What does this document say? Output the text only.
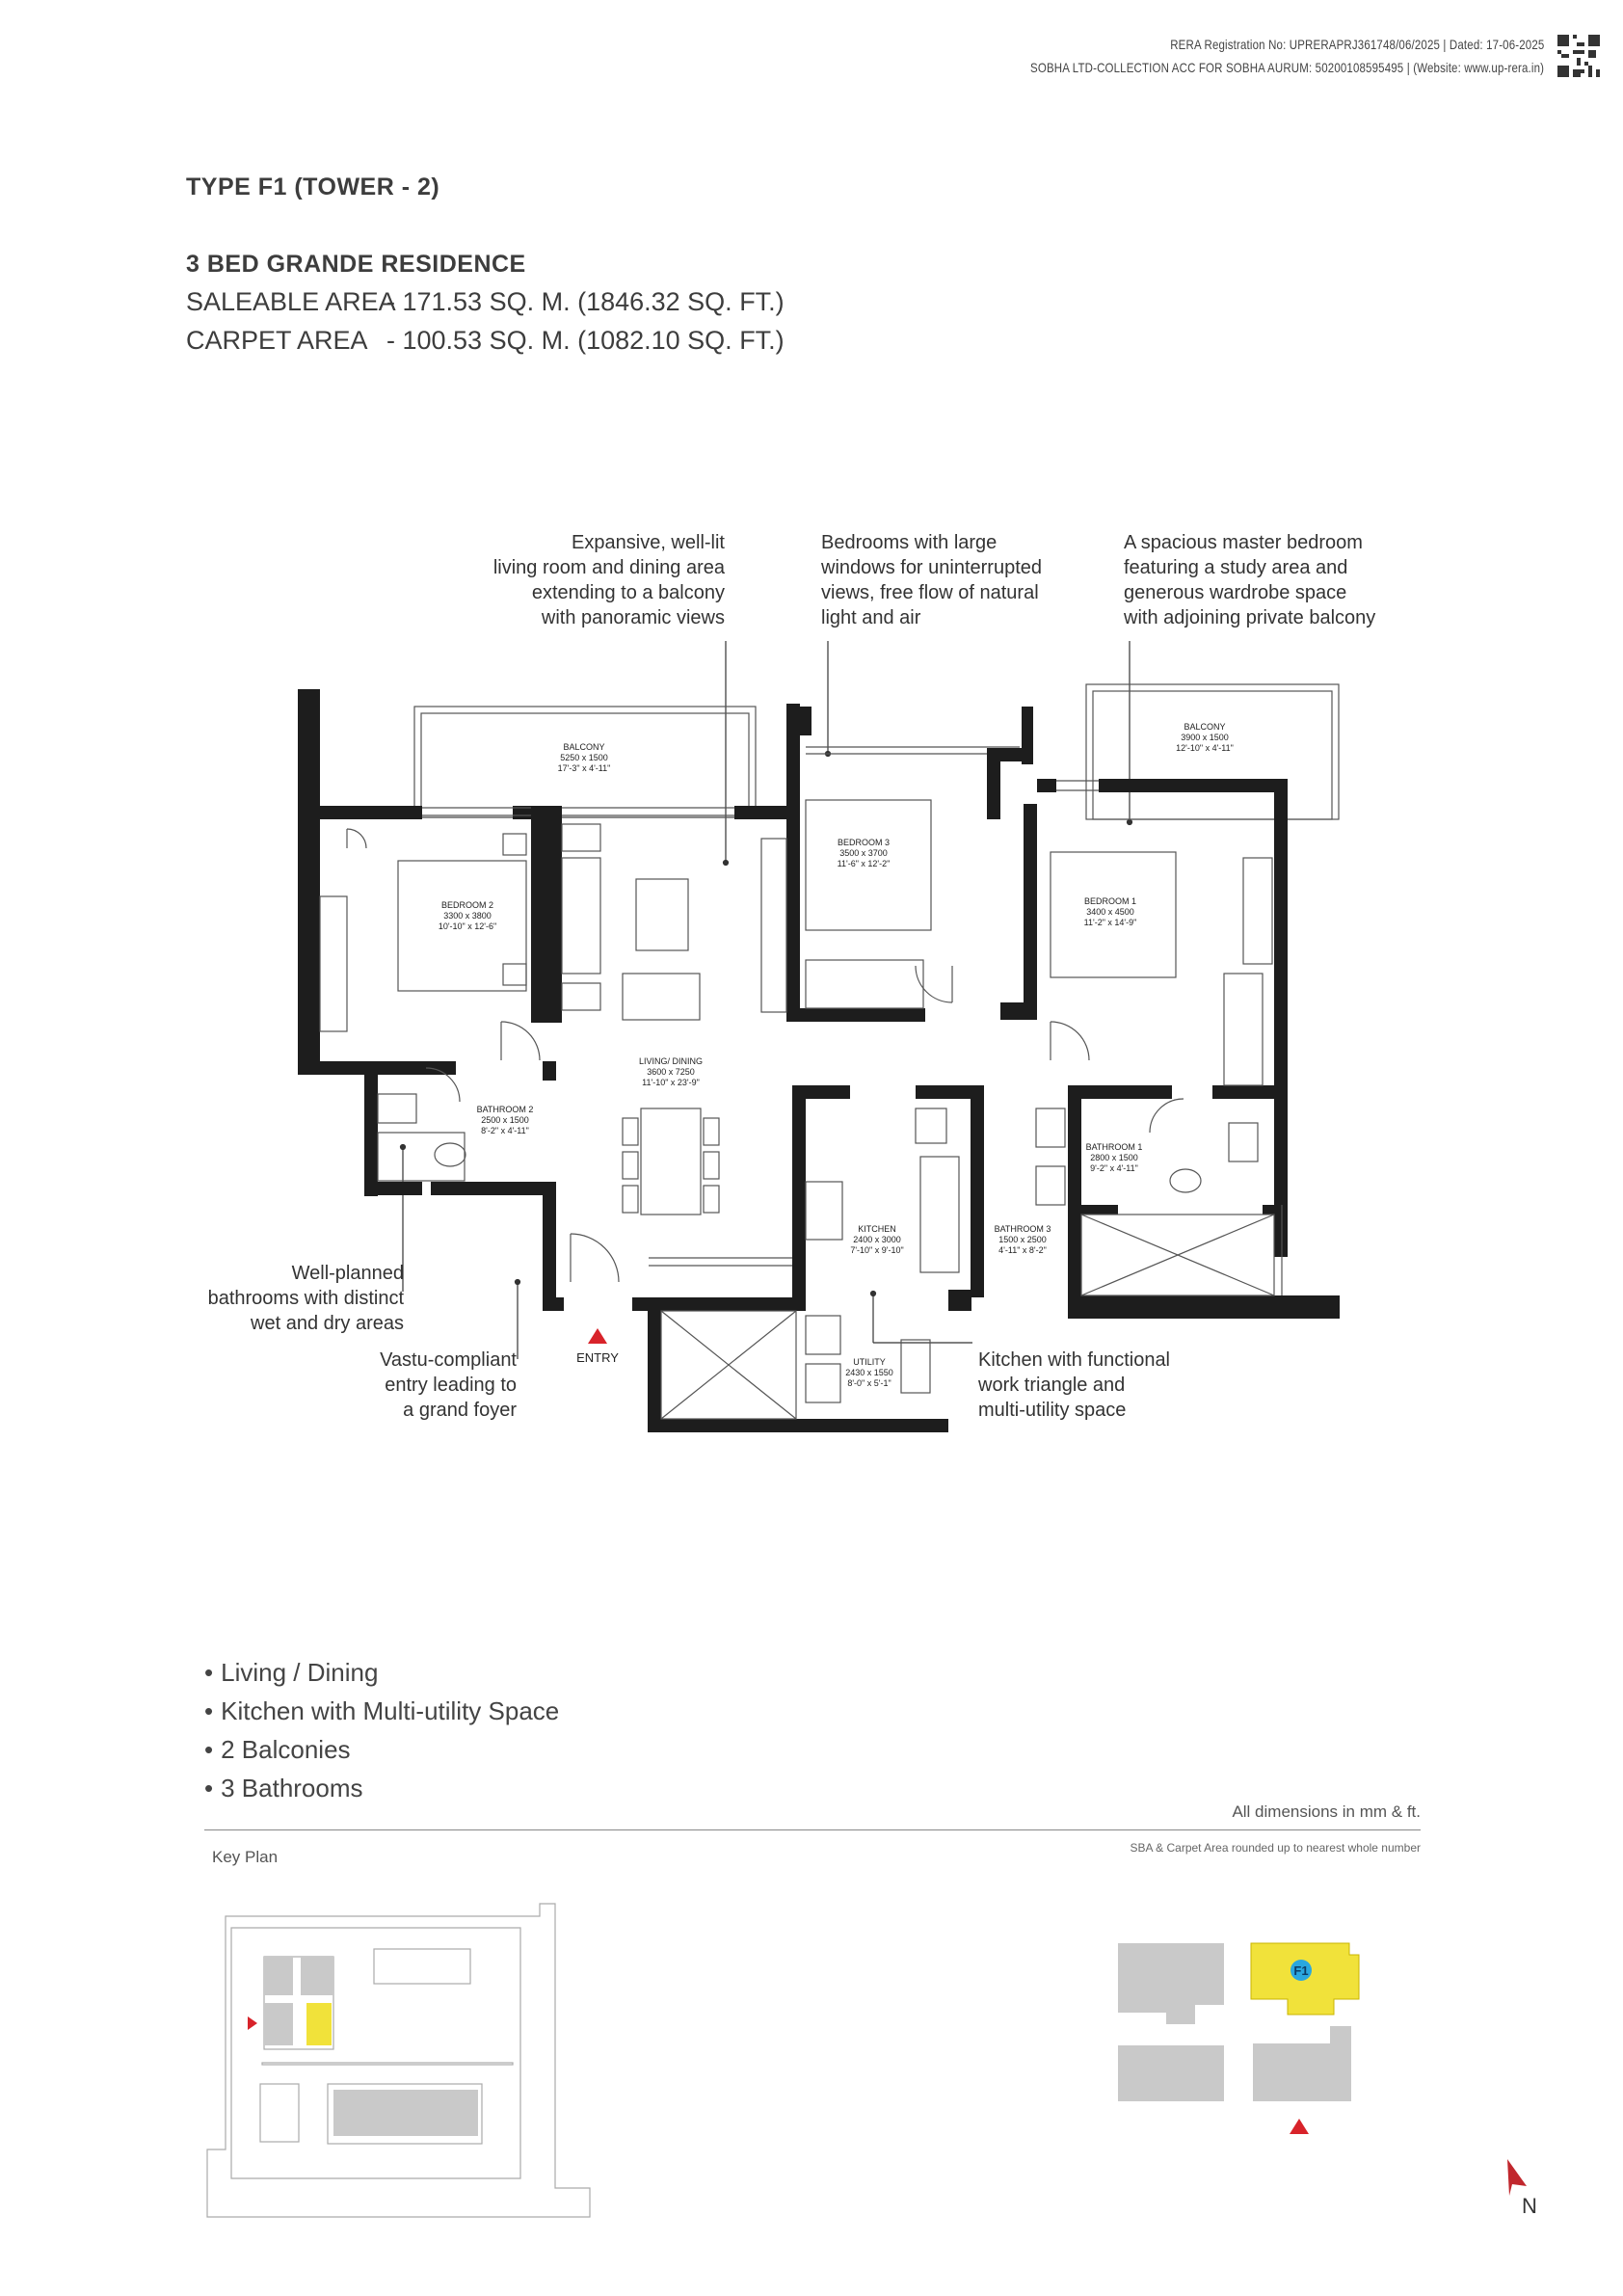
RERA Registration No: UPRERAPRJ361748/06/2025 | Dated: 17-06-2025
SOBHA LTD-COLLECTION ACC FOR SOBHA AURUM: 50200108595495 | (Website: www.up-rera.in)
TYPE F1 (TOWER - 2)
3 BED GRANDE RESIDENCE
SALEABLE AREA- 171.53 SQ. M. (1846.32 SQ. FT.)
CARPET AREA - 100.53 SQ. M. (1082.10 SQ. FT.)
Expansive, well-lit
living room and dining area
extending to a balcony
with panoramic views
Bedrooms with large
windows for uninterrupted
views, free flow of natural
light and air
A spacious master bedroom
featuring a study area and
generous wardrobe space
with adjoining private balcony
Well-planned
bathrooms with distinct
wet and dry areas
Vastu-compliant
entry leading to
a grand foyer
Kitchen with functional
work triangle and
multi-utility space
BALCONY
5250 x 1500
17'-3" x 4'-11"
BALCONY
3900 x 1500
12'-10" x 4'-11"
BEDROOM 2
3300 x 3800
10'-10" x 12'-6"
BEDROOM 3
3500 x 3700
11'-6" x 12'-2"
BEDROOM 1
3400 x 4500
11'-2" x 14'-9"
LIVING/ DINING
3600 x 7250
11'-10" x 23'-9"
BATHROOM 2
2500 x 1500
8'-2" x 4'-11"
BATHROOM 1
2800 x 1500
9'-2" x 4'-11"
BATHROOM 3
1500 x 2500
4'-11" x 8'-2"
KITCHEN
2400 x 3000
7'-10" x 9'-10"
UTILITY
2430 x 1550
8'-0" x 5'-1"
ENTRY
• Living / Dining
• Kitchen with Multi-utility Space
• 2 Balconies
• 3 Bathrooms
All dimensions in mm & ft.
SBA & Carpet Area rounded up to nearest whole number
Key Plan
F1
N
